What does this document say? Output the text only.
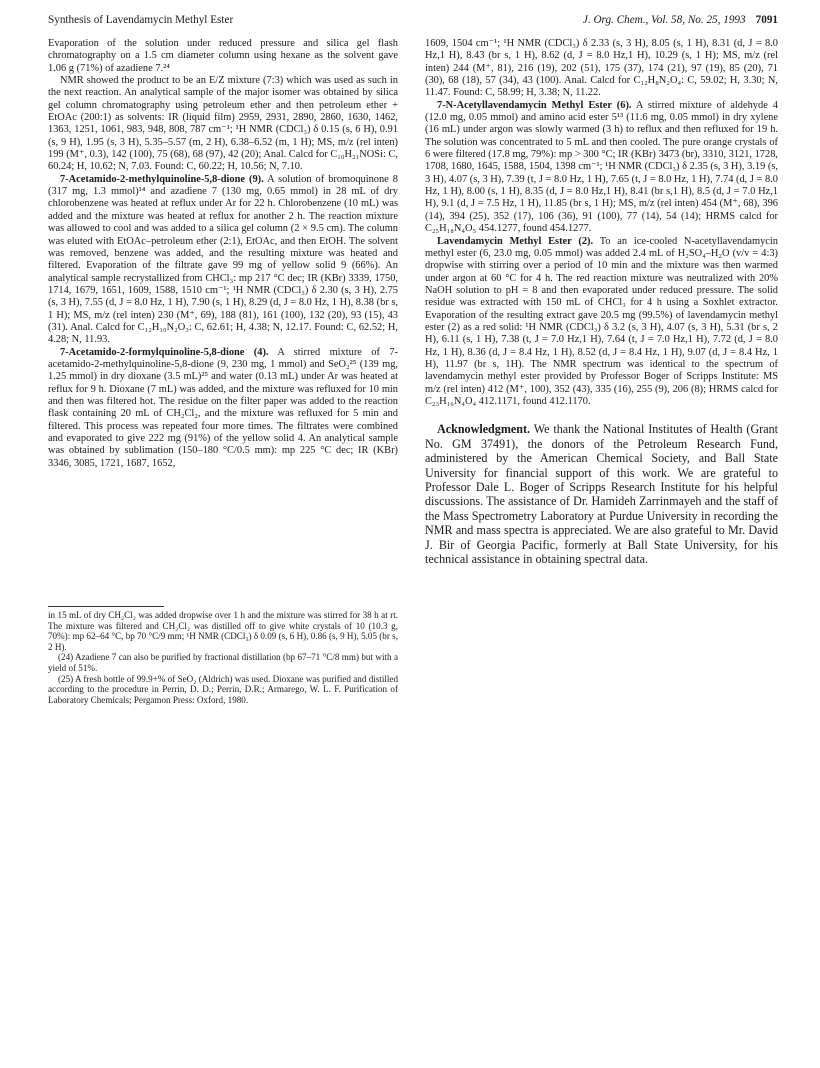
Synthesis of Lavendamycin Methyl Ester	J. Org. Chem., Vol. 58, No. 25, 1993 7091

Evaporation of the solution under reduced pressure and silica gel flash chromatography on a 1.5 cm diameter column using hexane as the solvent gave 1.06 g (71%) of azadiene 7.²⁴

NMR showed the product to be an E/Z mixture (7:3) which was used as such in the next reaction. An analytical sample of the major isomer was obtained by silica gel column chromatography using petroleum ether and then petroleum ether + EtOAc (200:1) as solvents: IR (liquid film) 2959, 2931, 2890, 2860, 1630, 1462, 1363, 1251, 1061, 983, 948, 808, 787 cm⁻¹; ¹H NMR (CDCl₃) δ 0.15 (s, 6 H), 0.91 (s, 9 H), 1.95 (s, 3 H), 5.35–5.57 (m, 2 H), 6.38–6.52 (m, 1 H); MS, m/z (rel inten) 199 (M⁺, 0.3), 142 (100), 75 (68), 68 (97), 42 (20); Anal. Calcd for C₁₀H₂₁NOSi: C, 60.24; H, 10.62; N, 7.03. Found: C, 60.22; H, 10.56; N, 7.10.

7-Acetamido-2-methylquinoline-5,8-dione (9). A solution of bromoquinone 8 (317 mg, 1.3 mmol)¹⁴ and azadiene 7 (130 mg, 0.65 mmol) in 28 mL of dry chlorobenzene was heated at reflux under Ar for 22 h. Chlorobenzene (10 mL) was added and the mixture was heated at reflux for another 2 h. The reaction mixture was allowed to cool and was added to a silica gel column (2 × 9.5 cm). The column was eluted with EtOAc–petroleum ether (2:1), EtOAc, and then EtOH. The solvent was removed, benzene was added, and the resulting mixture was heated and filtered. Evaporation of the filtrate gave 99 mg of yellow solid 9 (66%). An analytical sample recrystallized from CHCl₃: mp 217 °C dec; IR (KBr) 3339, 1750, 1714, 1679, 1651, 1609, 1588, 1510 cm⁻¹; ¹H NMR (CDCl₃) δ 2.30 (s, 3 H), 2.75 (s, 3 H), 7.55 (d, J = 8.0 Hz, 1 H), 7.90 (s, 1 H), 8.29 (d, J = 8.0 Hz, 1 H), 8.38 (br s, 1 H); MS, m/z (rel inten) 230 (M⁺, 69), 188 (81), 161 (100), 132 (20), 93 (15), 43 (31). Anal. Calcd for C₁₂H₁₀N₂O₃: C, 62.61; H, 4.38; N, 12.17. Found: C, 62.52; H, 4.28; N, 11.93.

7-Acetamido-2-formylquinoline-5,8-dione (4). A stirred mixture of 7-acetamido-2-methylquinoline-5,8-dione (9, 230 mg, 1 mmol) and SeO₂²⁵ (139 mg, 1.25 mmol) in dry dioxane (3.5 mL)²⁵ and water (0.13 mL) under Ar was heated at reflux for 9 h. Dioxane (7 mL) was added, and the mixture was refluxed for 10 min and then was filtered hot. The residue on the filter paper was added to the reaction flask containing 20 mL of CH₂Cl₂, and the mixture was refluxed for 5 min and filtered. This process was repeated four more times. The filtrates were combined and evaporated to give 222 mg (91%) of the yellow solid 4. An analytical sample was obtained by sublimation (150–180 °C/0.5 mm): mp 225 °C dec; IR (KBr) 3346, 3085, 1721, 1687, 1652,

in 15 mL of dry CH₂Cl₂ was added dropwise over 1 h and the mixture was stirred for 38 h at rt. The mixture was filtered and CH₂Cl₂ was distilled off to give white crystals of 10 (10.3 g, 70%): mp 62–64 °C, bp 70 °C/9 mm; ¹H NMR (CDCl₃) δ 0.09 (s, 6 H), 0.86 (s, 9 H), 5.05 (br s, 2 H).

(24) Azadiene 7 can also be purified by fractional distillation (bp 67–71 °C/8 mm) but with a yield of 51%.

(25) A fresh bottle of 99.9+% of SeO₂ (Aldrich) was used. Dioxane was purified and distilled according to the procedure in Perrin, D. D.; Perrin, D.R.; Armarego, W. L. F. Purification of Laboratory Chemicals; Pergamon Press: Oxford, 1980.

1609, 1504 cm⁻¹; ¹H NMR (CDCl₃) δ 2.33 (s, 3 H), 8.05 (s, 1 H), 8.31 (d, J = 8.0 Hz,1 H), 8.43 (br s, 1 H), 8.62 (d, J = 8.0 Hz,1 H), 10.29 (s, 1 H); MS, m/z (rel inten) 244 (M⁺, 81), 216 (19), 202 (51), 175 (37), 174 (21), 97 (19), 85 (20), 71 (30), 68 (18), 57 (34), 43 (100). Anal. Calcd for C₁₂H₈N₂O₄: C, 59.02; H, 3.30; N, 11.47. Found: C, 58.99; H, 3.38; N, 11.22.

7-N-Acetyllavendamycin Methyl Ester (6). A stirred mixture of aldehyde 4 (12.0 mg, 0.05 mmol) and amino acid ester 5¹³ (11.6 mg, 0.05 mmol) in dry xylene (16 mL) under argon was slowly warmed (3 h) to reflux and then refluxed for 19 h. The solution was concentrated to 5 mL and then cooled. The pure orange crystals of 6 were filtered (17.8 mg, 79%): mp > 300 °C; IR (KBr) 3473 (br), 3310, 3121, 1728, 1708, 1680, 1645, 1588, 1504, 1398 cm⁻¹; ¹H NMR (CDCl₃) δ 2.35 (s, 3 H), 3.19 (s, 3 H), 4.07 (s, 3 H), 7.39 (t, J = 8.0 Hz, 1 H), 7.65 (t, J = 8.0 Hz, 1 H), 7.74 (d, J = 8.0 Hz, 1 H), 8.00 (s, 1 H), 8.35 (d, J = 8.0 Hz,1 H), 8.41 (br s,1 H), 8.5 (d, J = 7.0 Hz,1 H), 9.1 (d, J = 7.5 Hz, 1 H), 11.85 (br s, 1 H); MS, m/z (rel inten) 454 (M⁺, 68), 396 (14), 394 (25), 352 (17), 106 (36), 91 (100), 77 (14), 54 (14); HRMS calcd for C₂₅H₁₈N₄O₅ 454.1277, found 454.1277.

Lavendamycin Methyl Ester (2). To an ice-cooled N-acetyllavendamycin methyl ester (6, 23.0 mg, 0.05 mmol) was added 2.4 mL of H₂SO₄–H₂O (v/v = 4:3) dropwise with stirring over a period of 10 min and the mixture was then warmed under argon at 60 °C for 4 h. The red reaction mixture was neutralized with 20% NaOH solution to pH = 8 and then evaporated under reduced pressure. The solid residue was extracted with 150 mL of CHCl₃ for 4 h using a Soxhlet extractor. Evaporation of the resulting extract gave 20.5 mg (99.5%) of lavendamycin methyl ester (2) as a red solid: ¹H NMR (CDCl₃) δ 3.2 (s, 3 H), 4.07 (s, 3 H), 5.31 (br s, 2 H), 6.11 (s, 1 H), 7.38 (t, J = 7.0 Hz,1 H), 7.64 (t, J = 7.0 Hz,1 H), 7.72 (d, J = 8.0 Hz, 1 H), 8.36 (d, J = 8.4 Hz, 1 H), 8.52 (d, J = 8.4 Hz, 1 H), 9.07 (d, J = 8.4 Hz, 1 H), 11.97 (br s, 1H). The NMR spectrum was identical to the spectrum of lavendamycin methyl ester provided by Professor Boger of Scripps Institute: MS m/z (rel inten) 412 (M⁺, 100), 352 (43), 335 (16), 255 (9), 206 (8); HRMS calcd for C₂₃H₁₆N₄O₄ 412.1171, found 412.1170.

Acknowledgment. We thank the National Institutes of Health (Grant No. GM 37491), the donors of the Petroleum Research Fund, administered by the American Chemical Society, and Ball State University for financial support of this work. We are grateful to Professor Dale L. Boger of Scripps Research Institute for his helpful discussions. The assistance of Dr. Hamideh Zarrinmayeh and the staff of the Mass Spectrometry Laboratory at Purdue University in recording the NMR and mass spectra is appreciated. We are also grateful to Mr. David J. Bir of Georgia Pacific, formerly at Ball State University, for his technical assistance in obtaining spectral data.
